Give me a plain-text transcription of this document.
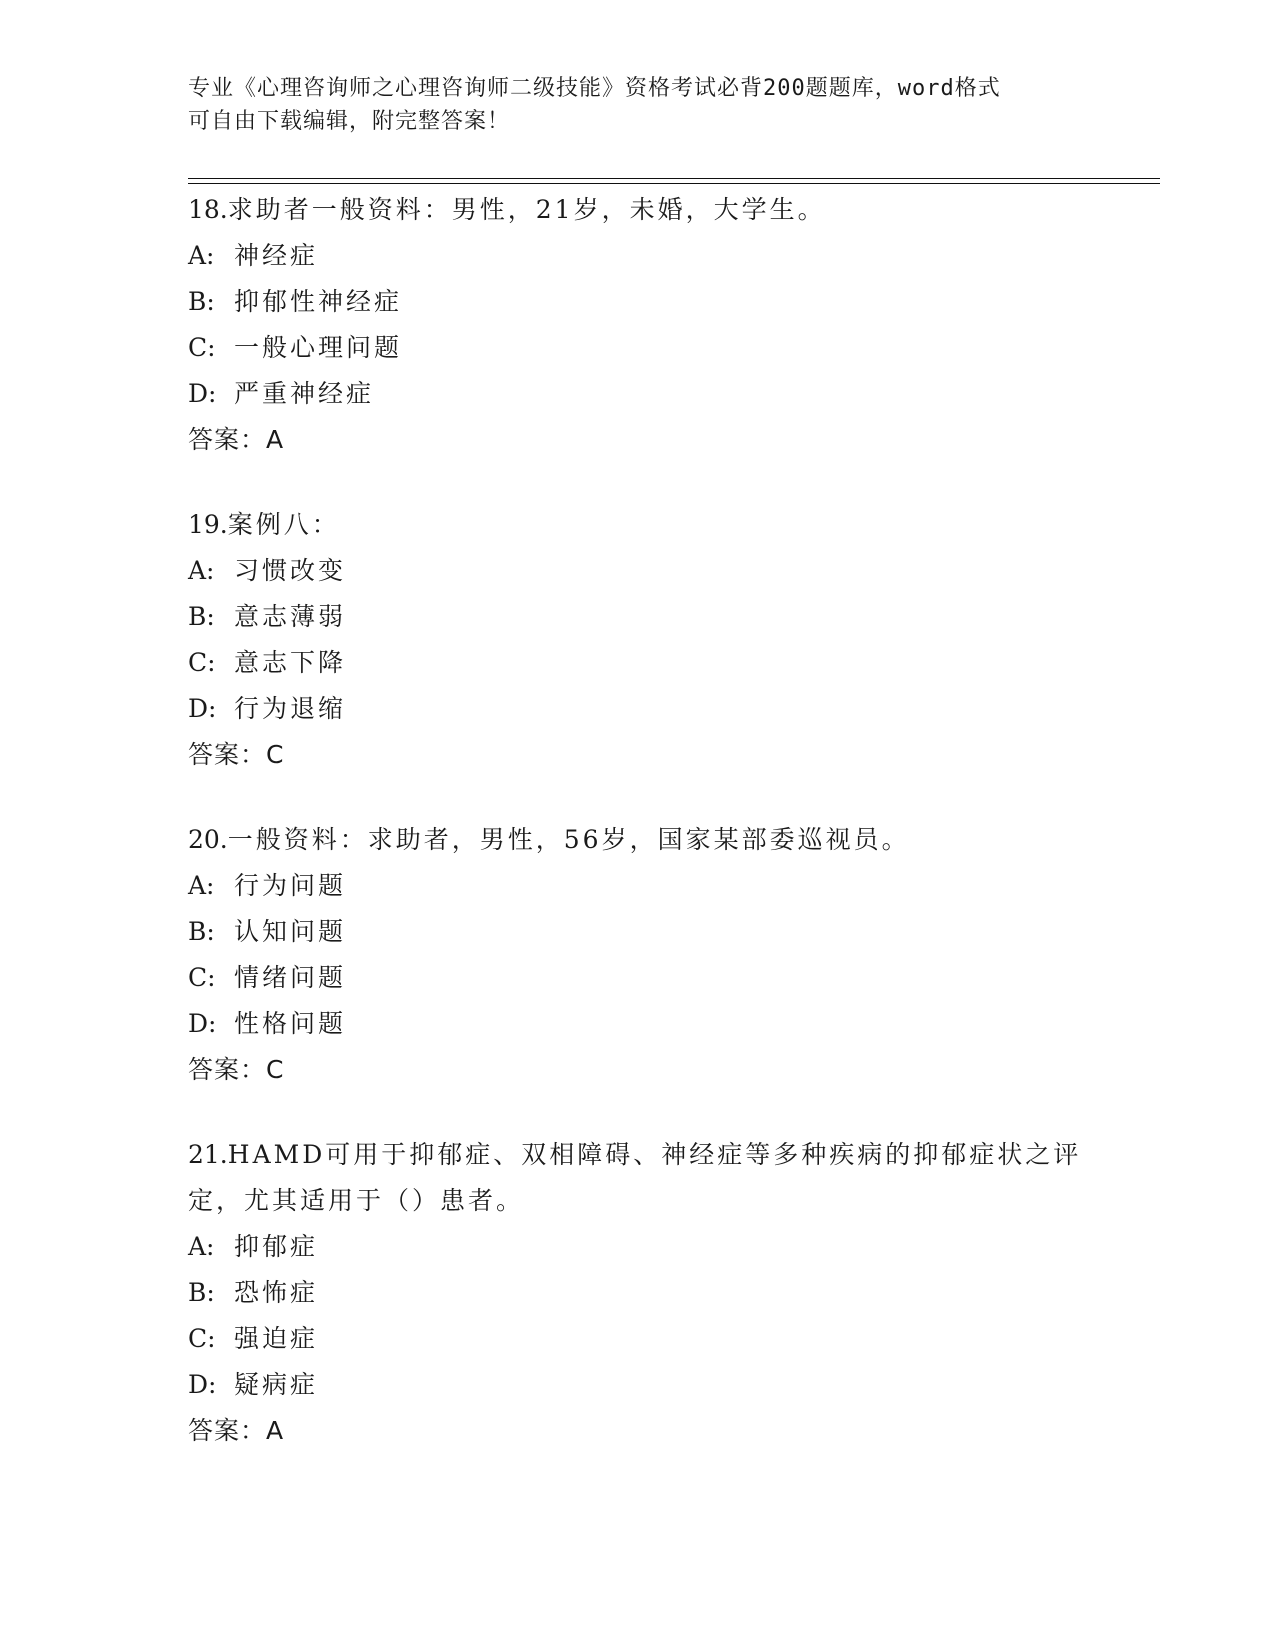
专业《心理咨询师之心理咨询师二级技能》资格考试必背200题题库，word格式
可自由下载编辑，附完整答案！
18.求助者一般资料：男性，21岁，未婚，大学生。
A: 神经症
B: 抑郁性神经症
C: 一般心理问题
D: 严重神经症
答案：A
19.案例八：
A: 习惯改变
B: 意志薄弱
C: 意志下降
D: 行为退缩
答案：C
20.一般资料：求助者，男性，56岁，国家某部委巡视员。
A: 行为问题
B: 认知问题
C: 情绪问题
D: 性格问题
答案：C
21.HAMD可用于抑郁症、双相障碍、神经症等多种疾病的抑郁症状之评
定，尤其适用于（）患者。
A: 抑郁症
B: 恐怖症
C: 强迫症
D: 疑病症
答案：A
